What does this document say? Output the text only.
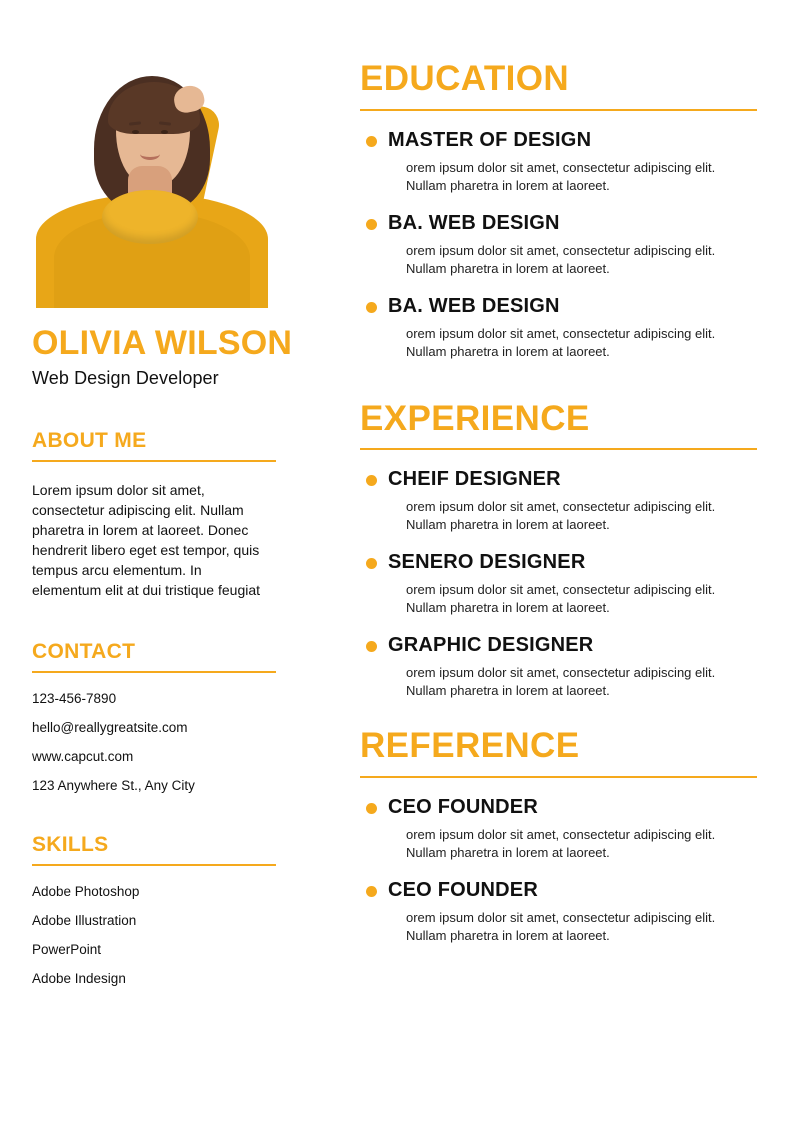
OLIVIA WILSON
Web Design Developer
ABOUT ME

Lorem ipsum dolor sit amet, consectetur adipiscing elit. Nullam pharetra in lorem at laoreet. Donec hendrerit libero eget est tempor, quis tempus arcu elementum. In elementum elit at dui tristique feugiat

CONTACT
123-456-7890
hello@reallygreatsite.com
www.capcut.com
123 Anywhere St., Any City
SKILLS
Adobe Photoshop
Adobe Illustration
PowerPoint
Adobe Indesign
EDUCATION
MASTER OF DESIGN

orem ipsum dolor sit amet, consectetur adipiscing elit. Nullam pharetra in lorem at laoreet.

BA. WEB DESIGN

orem ipsum dolor sit amet, consectetur adipiscing elit. Nullam pharetra in lorem at laoreet.

BA. WEB DESIGN

orem ipsum dolor sit amet, consectetur adipiscing elit. Nullam pharetra in lorem at laoreet.

EXPERIENCE
CHEIF DESIGNER

orem ipsum dolor sit amet, consectetur adipiscing elit. Nullam pharetra in lorem at laoreet.

SENERO DESIGNER

orem ipsum dolor sit amet, consectetur adipiscing elit. Nullam pharetra in lorem at laoreet.

GRAPHIC DESIGNER

orem ipsum dolor sit amet, consectetur adipiscing elit. Nullam pharetra in lorem at laoreet.

REFERENCE
CEO FOUNDER

orem ipsum dolor sit amet, consectetur adipiscing elit. Nullam pharetra in lorem at laoreet.

CEO FOUNDER

orem ipsum dolor sit amet, consectetur adipiscing elit. Nullam pharetra in lorem at laoreet.
